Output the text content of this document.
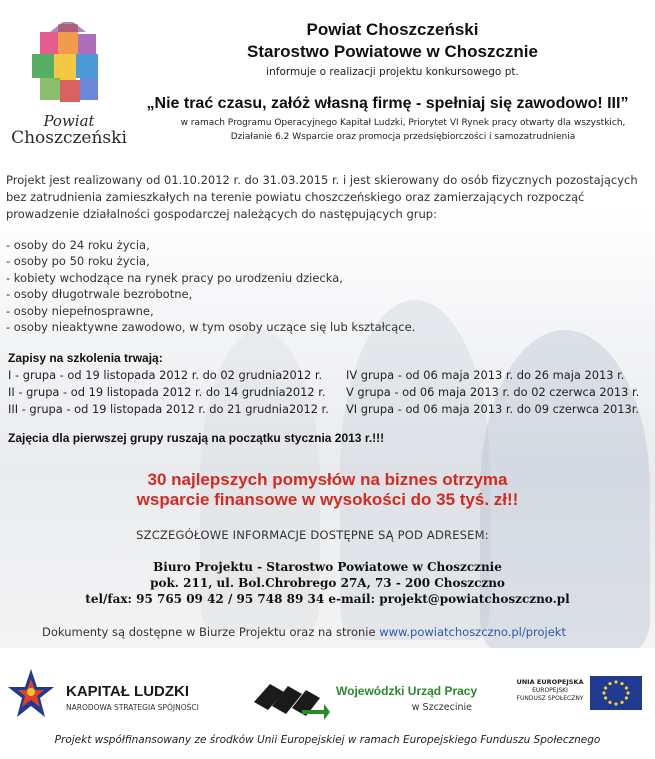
Powiat
Choszczeński
Powiat Choszczeński
Starostwo Powiatowe w Choszcznie
informuje o realizacji projektu konkursowego pt.
„Nie trać czasu, załóż własną firmę - spełniaj się zawodowo! III”
w ramach Programu Operacyjnego Kapitał Ludzki, Priorytet VI Rynek pracy otwarty dla wszystkich,
Działanie 6.2 Wsparcie oraz promocja przedsiębiorczości i samozatrudnienia
Projekt jest realizowany od 01.10.2012 r. do 31.03.2015 r. i jest skierowany do osób fizycznych pozostających bez zatrudnienia zamieszkałych na terenie powiatu choszczeńskiego oraz zamierzających rozpocząć prowadzenie działalności gospodarczej należących do następujących grup:
- osoby do 24 roku życia,
- osoby po 50 roku życia,
- kobiety wchodzące na rynek pracy po urodzeniu dziecka,
- osoby długotrwale bezrobotne,
- osoby niepełnosprawne,
- osoby nieaktywne zawodowo, w tym osoby uczące się lub kształcące.
Zapisy na szkolenia trwają:
I - grupa - od 19 listopada 2012 r. do 02 grudnia2012 r.
II - grupa - od 19 listopada 2012 r. do 14 grudnia2012 r.
III - grupa - od 19 listopada 2012 r. do 21 grudnia2012 r.
IV grupa - od 06 maja 2013 r. do 26 maja 2013 r.
V grupa - od 06 maja 2013 r. do 02 czerwca 2013 r.
VI grupa - od 06 maja 2013 r. do 09 czerwca 2013r.
Zajęcia dla pierwszej grupy ruszają na początku stycznia 2013 r.!!!
30 najlepszych pomysłów na biznes otrzyma
wsparcie finansowe w wysokości do 35 tyś. zł!!
SZCZEGÓŁOWE INFORMACJE DOSTĘPNE SĄ POD ADRESEM:
Biuro Projektu - Starostwo Powiatowe w Choszcznie
pok. 211, ul. Bol.Chrobrego 27A, 73 - 200 Choszczno
tel/fax: 95 765 09 42 / 95 748 89 34 e-mail: projekt@powiatchoszczno.pl
Dokumenty są dostępne w Biurze Projektu oraz na stronie www.powiatchoszczno.pl/projekt
KAPITAŁ LUDZKI
NARODOWA STRATEGIA SPÓJNOŚCI
Wojewódzki Urząd Pracy
w Szczecinie
UNIA EUROPEJSKA
EUROPEJSKI
FUNDUSZ SPOŁECZNY
Projekt współfinansowany ze środków Unii Europejskiej w ramach Europejskiego Funduszu Społecznego
